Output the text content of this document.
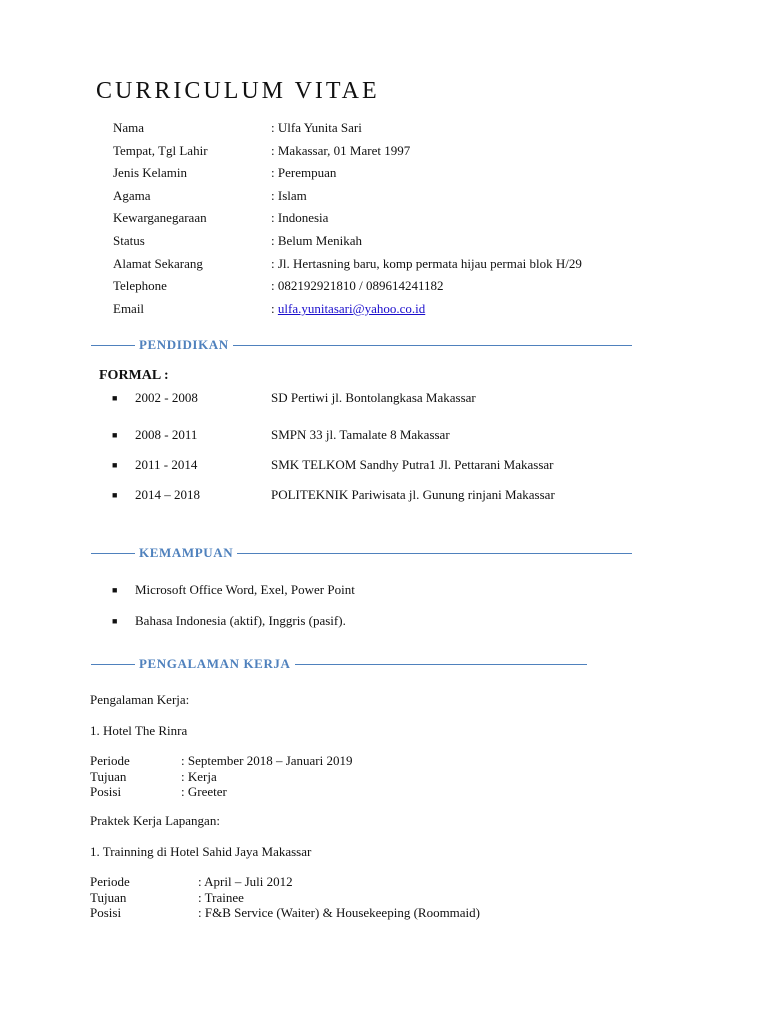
CURRICULUM VITAE
Nama	: Ulfa Yunita Sari
Tempat, Tgl Lahir	: Makassar, 01 Maret 1997
Jenis Kelamin	: Perempuan
Agama	: Islam
Kewarganegaraan	: Indonesia
Status	: Belum Menikah
Alamat Sekarang	: Jl. Hertasning baru, komp permata hijau permai blok H/29
Telephone	: 082192921810 / 089614241182
Email	: ulfa.yunitasari@yahoo.co.id
PENDIDIKAN
FORMAL :
■ 2002 - 2008	SD Pertiwi jl. Bontolangkasa Makassar
■ 2008 - 2011	SMPN 33 jl. Tamalate 8 Makassar
■ 2011 - 2014	SMK TELKOM Sandhy Putra1 Jl. Pettarani Makassar
■ 2014 – 2018	POLITEKNIK Pariwisata jl. Gunung rinjani Makassar
KEMAMPUAN
■ Microsoft Office Word, Exel, Power Point
■ Bahasa Indonesia (aktif), Inggris (pasif).
PENGALAMAN KERJA
Pengalaman Kerja:
1. Hotel The Rinra
Periode	: September 2018 – Januari 2019
Tujuan	: Kerja
Posisi	: Greeter
Praktek Kerja Lapangan:
1. Trainning di Hotel Sahid Jaya Makassar
Periode	: April – Juli 2012
Tujuan	: Trainee
Posisi	: F&B Service (Waiter) & Housekeeping (Roommaid)
